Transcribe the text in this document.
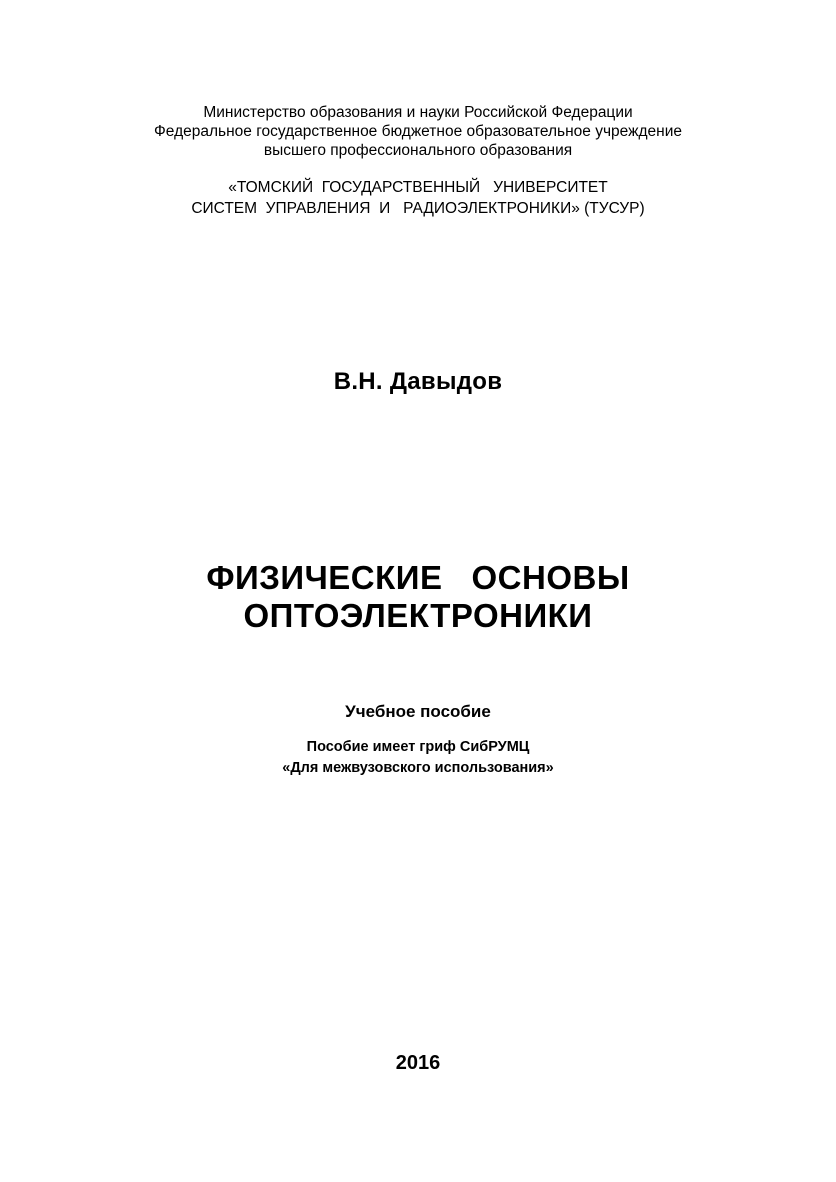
Министерство образования и науки Российской Федерации
Федеральное государственное бюджетное образовательное учреждение
высшего профессионального образования
«ТОМСКИЙ  ГОСУДАРСТВЕННЫЙ   УНИВЕРСИТЕТ
СИСТЕМ  УПРАВЛЕНИЯ  И   РАДИОЭЛЕКТРОНИКИ» (ТУСУР)
В.Н. Давыдов
ФИЗИЧЕСКИЕ   ОСНОВЫ
ОПТОЭЛЕКТРОНИКИ
Учебное пособие
Пособие имеет гриф СибРУМЦ
«Для межвузовского использования»
2016
